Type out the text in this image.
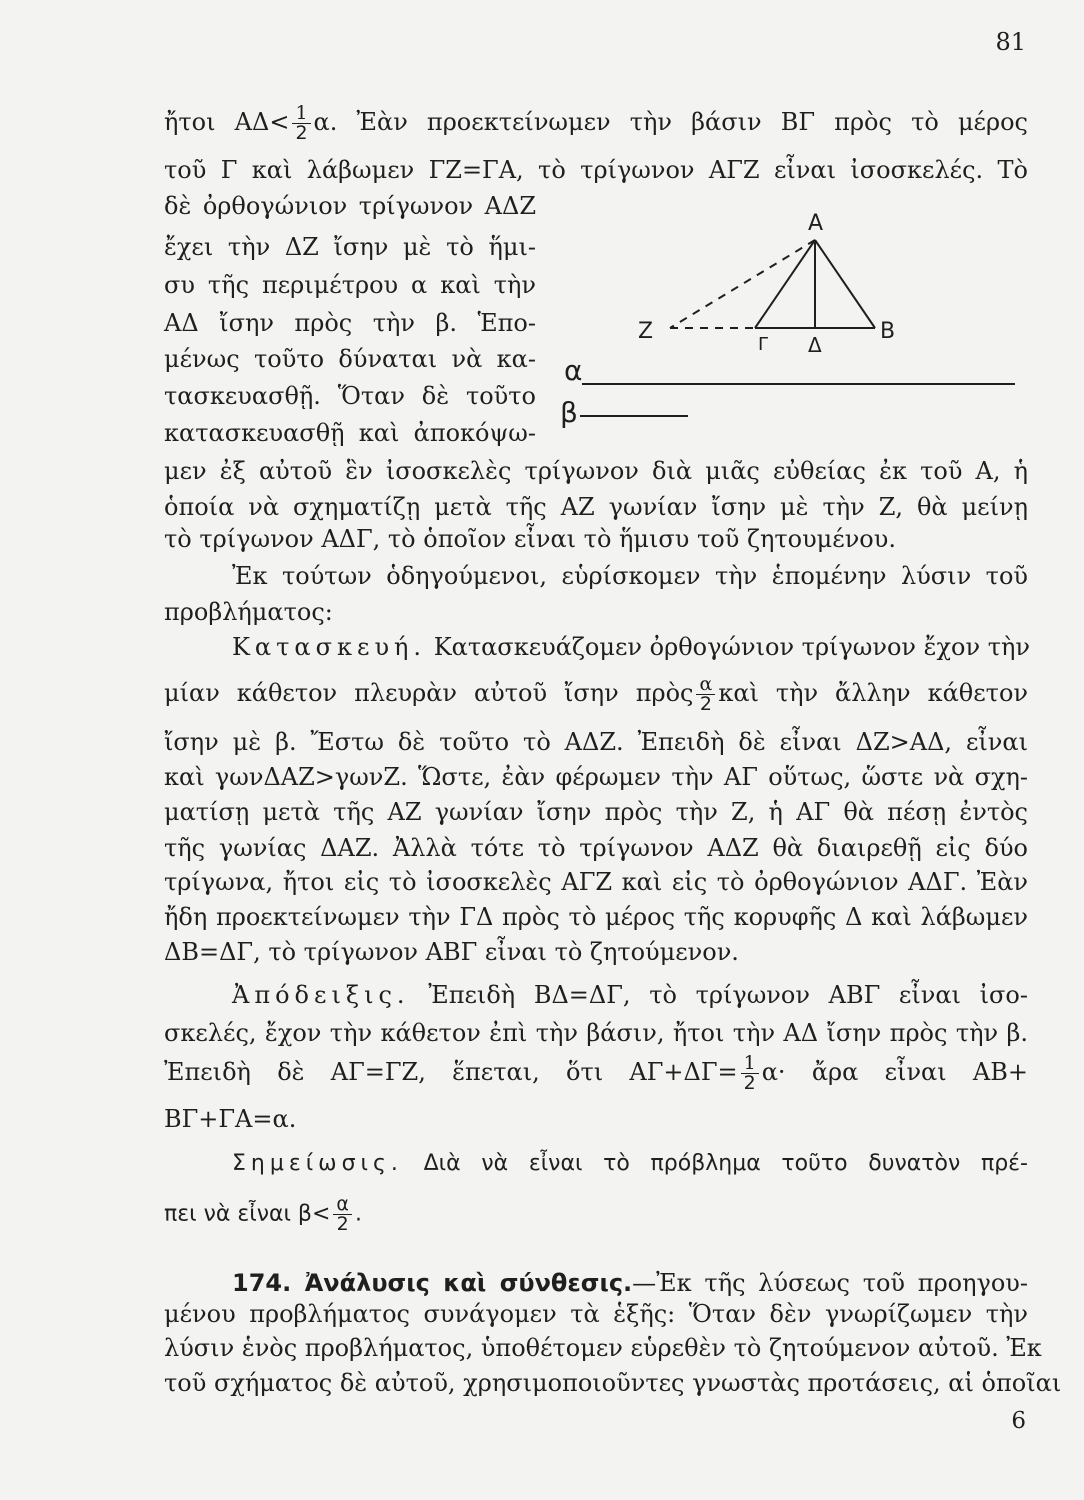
81
A
B
Γ Δ
Z
α
β
ἤτοι $A\Delta< \frac{1}{2} \alpha$. Ἐὰν προεκτείνωμεν τὴν βάσιν ΒΓ πρὸς τὸ μέρος
τοῦ Γ καὶ λάβωμεν ΓΖ=ΓΑ, τὸ τρίγωνον ΑΓΖ εἶναι ἰσοσκελές. Τὸ
δὲ ὀρθογώνιον τρίγωνον ΑΔΖ
ἔχει τὴν ΔΖ ἴσην μὲ τὸ ἥμι-
συ τῆς περιμέτρου α καὶ τὴν
ΑΔ ἴσην πρὸς τὴν β. Ἑπο-
μένως τοῦτο δύναται νὰ κα-
τασκευασθῇ. Ὅταν δὲ τοῦτο
κατασκευασθῇ καὶ ἀποκόψω-
μεν ἐξ αὐτοῦ ἓν ἰσοσκελὲς τρίγωνον διὰ μιᾶς εὐθείας ἐκ τοῦ Α, ἡ
ὁποία νὰ σχηματίζῃ μετὰ τῆς ΑΖ γωνίαν ἴσην μὲ τὴν Ζ, θὰ μείνῃ
τὸ τρίγωνον ΑΔΓ, τὸ ὁποῖον εἶναι τὸ ἥμισυ τοῦ ζητουμένου.
Ἐκ τούτων ὁδηγούμενοι, εὑρίσκομεν τὴν ἑπομένην λύσιν τοῦ
προβλήματος:
Κατασκευή. Κατασκευάζομεν ὀρθογώνιον τρίγωνον ἔχον τὴν
μίαν κάθετον πλευρὰν αὐτοῦ ἴσην πρὸς $\frac{\alpha}{2}$ καὶ τὴν ἄλλην κάθετον
ἴσην μὲ β. Ἔστω δὲ τοῦτο τὸ ΑΔΖ. Ἐπειδὴ δὲ εἶναι ΔΖ>ΑΔ, εἶναι
καὶ γωνΔΑΖ>γωνΖ. Ὥστε, ἐὰν φέρωμεν τὴν ΑΓ οὕτως, ὥστε νὰ σχη-
ματίσῃ μετὰ τῆς ΑΖ γωνίαν ἴσην πρὸς τὴν Ζ, ἡ ΑΓ θὰ πέσῃ ἐντὸς
τῆς γωνίας ΔΑΖ. Ἀλλὰ τότε τὸ τρίγωνον ΑΔΖ θὰ διαιρεθῇ εἰς δύο
τρίγωνα, ἤτοι εἰς τὸ ἰσοσκελὲς ΑΓΖ καὶ εἰς τὸ ὀρθογώνιον ΑΔΓ. Ἐὰν
ἤδη προεκτείνωμεν τὴν ΓΔ πρὸς τὸ μέρος τῆς κορυφῆς Δ καὶ λάβωμεν
ΔΒ=ΔΓ, τὸ τρίγωνον ΑΒΓ εἶναι τὸ ζητούμενον.
Ἀπόδειξις. Ἐπειδὴ ΒΔ=ΔΓ, τὸ τρίγωνον ΑΒΓ εἶναι ἰσο-
σκελές, ἔχον τὴν κάθετον ἐπὶ τὴν βάσιν, ἤτοι τὴν ΑΔ ἴσην πρὸς τὴν β.
Ἐπειδὴ δὲ ΑΓ=ΓΖ, ἕπεται, ὅτι $A\Gamma+\Delta\Gamma= \frac{1}{2} \alpha\cdot$ ἄρα εἶναι ΑΒ+
ΒΓ+ΓΑ=α.
Σημείωσις. Διὰ νὰ εἶναι τὸ πρόβλημα τοῦτο δυνατὸν πρέ-
πει νὰ εἶναι $\beta< \frac{\alpha}{2}$ .
174. Ἀνάλυσις καὶ σύνθεσις.—Ἐκ τῆς λύσεως τοῦ προηγου-
μένου προβλήματος συνάγομεν τὰ ἑξῆς: Ὅταν δὲν γνωρίζωμεν τὴν
λύσιν ἑνὸς προβλήματος, ὑποθέτομεν εὑρεθὲν τὸ ζητούμενον αὐτοῦ. Ἐκ
τοῦ σχήματος δὲ αὐτοῦ, χρησιμοποιοῦντες γνωστὰς προτάσεις, αἱ ὁποῖαι
6
